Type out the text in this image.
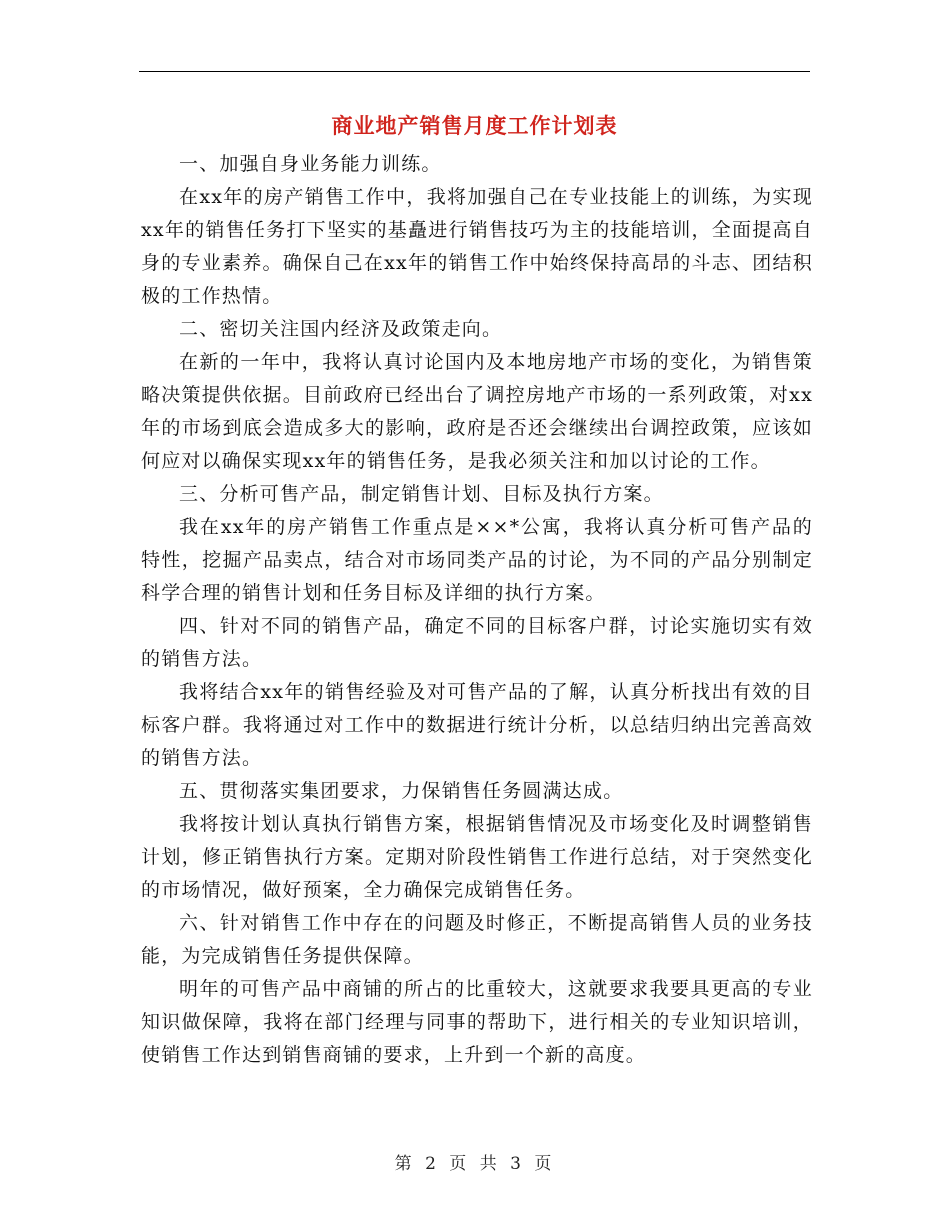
商业地产销售月度工作计划表

一、加强自身业务能力训练。

在xx年的房产销售工作中，我将加强自己在专业技能上的训练，为实现xx年的销售任务打下坚实的基矗进行销售技巧为主的技能培训，全面提高自身的专业素养。确保自己在xx年的销售工作中始终保持高昂的斗志、团结积极的工作热情。

二、密切关注国内经济及政策走向。

在新的一年中，我将认真讨论国内及本地房地产市场的变化，为销售策略决策提供依据。目前政府已经出台了调控房地产市场的一系列政策，对xx年的市场到底会造成多大的影响，政府是否还会继续出台调控政策，应该如何应对以确保实现xx年的销售任务，是我必须关注和加以讨论的工作。

三、分析可售产品，制定销售计划、目标及执行方案。

我在xx年的房产销售工作重点是××*公寓，我将认真分析可售产品的特性，挖掘产品卖点，结合对市场同类产品的讨论，为不同的产品分别制定科学合理的销售计划和任务目标及详细的执行方案。

四、针对不同的销售产品，确定不同的目标客户群，讨论实施切实有效的销售方法。

我将结合xx年的销售经验及对可售产品的了解，认真分析找出有效的目标客户群。我将通过对工作中的数据进行统计分析，以总结归纳出完善高效的销售方法。

五、贯彻落实集团要求，力保销售任务圆满达成。

我将按计划认真执行销售方案，根据销售情况及市场变化及时调整销售计划，修正销售执行方案。定期对阶段性销售工作进行总结，对于突然变化的市场情况，做好预案，全力确保完成销售任务。

六、针对销售工作中存在的问题及时修正，不断提高销售人员的业务技能，为完成销售任务提供保障。

明年的可售产品中商铺的所占的比重较大，这就要求我要具更高的专业知识做保障，我将在部门经理与同事的帮助下，进行相关的专业知识培训，使销售工作达到销售商铺的要求，上升到一个新的高度。

第 2 页 共 3 页
